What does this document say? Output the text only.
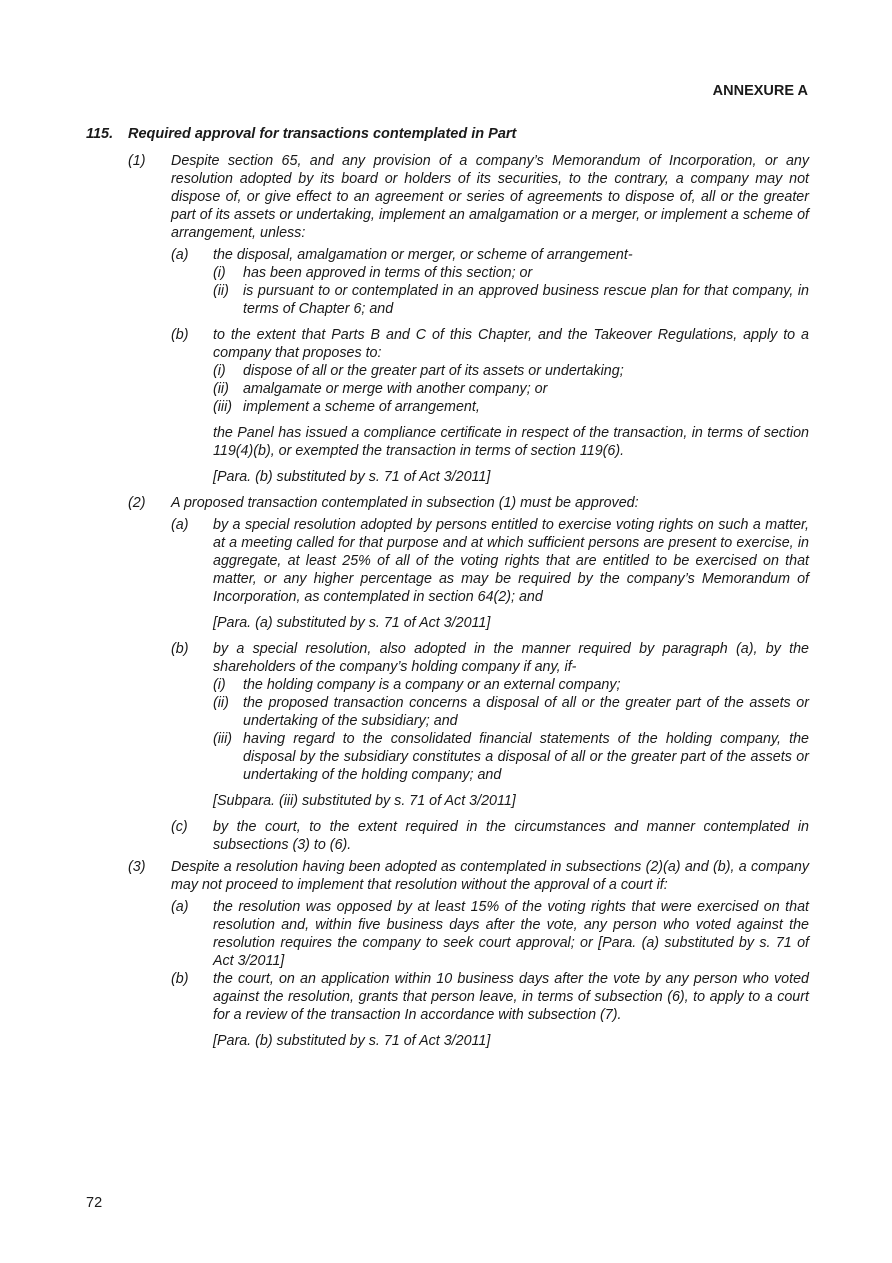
ANNEXURE A
115. Required approval for transactions contemplated in Part
(1)	Despite section 65, and any provision of a company’s Memorandum of Incorporation, or any resolution adopted by its board or holders of its securities, to the contrary, a company may not dispose of, or give effect to an agreement or series of agreements to dispose of, all or the greater part of its assets or undertaking, implement an amalgamation or a merger, or implement a scheme of arrangement, unless:
(a)	the disposal, amalgamation or merger, or scheme of arrangement-
(i)	has been approved in terms of this section; or
(ii) is pursuant to or contemplated in an approved business rescue plan for that company, in terms of Chapter 6; and
(b)	to the extent that Parts B and C of this Chapter, and the Takeover Regulations, apply to a company that proposes to:
(i)	dispose of all or the greater part of its assets or undertaking;
(ii) amalgamate or merge with another company; or
(iii) implement a scheme of arrangement,
the Panel has issued a compliance certificate in respect of the transaction, in terms of section 119(4)(b), or exempted the transaction in terms of section 119(6).
[Para. (b) substituted by s. 71 of Act 3/2011]
(2)	A proposed transaction contemplated in subsection (1) must be approved:
(a)	by a special resolution adopted by persons entitled to exercise voting rights on such a matter, at a meeting called for that purpose and at which sufficient persons are present to exercise, in aggregate, at least 25% of all of the voting rights that are entitled to be exercised on that matter, or any higher percentage as may be required by the company’s Memorandum of Incorporation, as contemplated in section 64(2); and
[Para. (a) substituted by s. 71 of Act 3/2011]
(b)	by a special resolution, also adopted in the manner required by paragraph (a), by the shareholders of the company’s holding company if any, if-
(i)	the holding company is a company or an external company;
(ii) the proposed transaction concerns a disposal of all or the greater part of the assets or undertaking of the subsidiary; and
(iii) having regard to the consolidated financial statements of the holding company, the disposal by the subsidiary constitutes a disposal of all or the greater part of the assets or undertaking of the holding company; and
[Subpara. (iii) substituted by s. 71 of Act 3/2011]
(c)	by the court, to the extent required in the circumstances and manner contemplated in subsections (3) to (6).
(3)	Despite a resolution having been adopted as contemplated in subsections (2)(a) and (b), a company may not proceed to implement that resolution without the approval of a court if:
(a)	the resolution was opposed by at least 15% of the voting rights that were exercised on that resolution and, within five business days after the vote, any person who voted against the resolution requires the company to seek court approval; or [Para. (a) substituted by s. 71 of Act 3/2011]
(b)	the court, on an application within 10 business days after the vote by any person who voted against the resolution, grants that person leave, in terms of subsection (6), to apply to a court for a review of the transaction In accordance with subsection (7).
[Para. (b) substituted by s. 71 of Act 3/2011]
72
